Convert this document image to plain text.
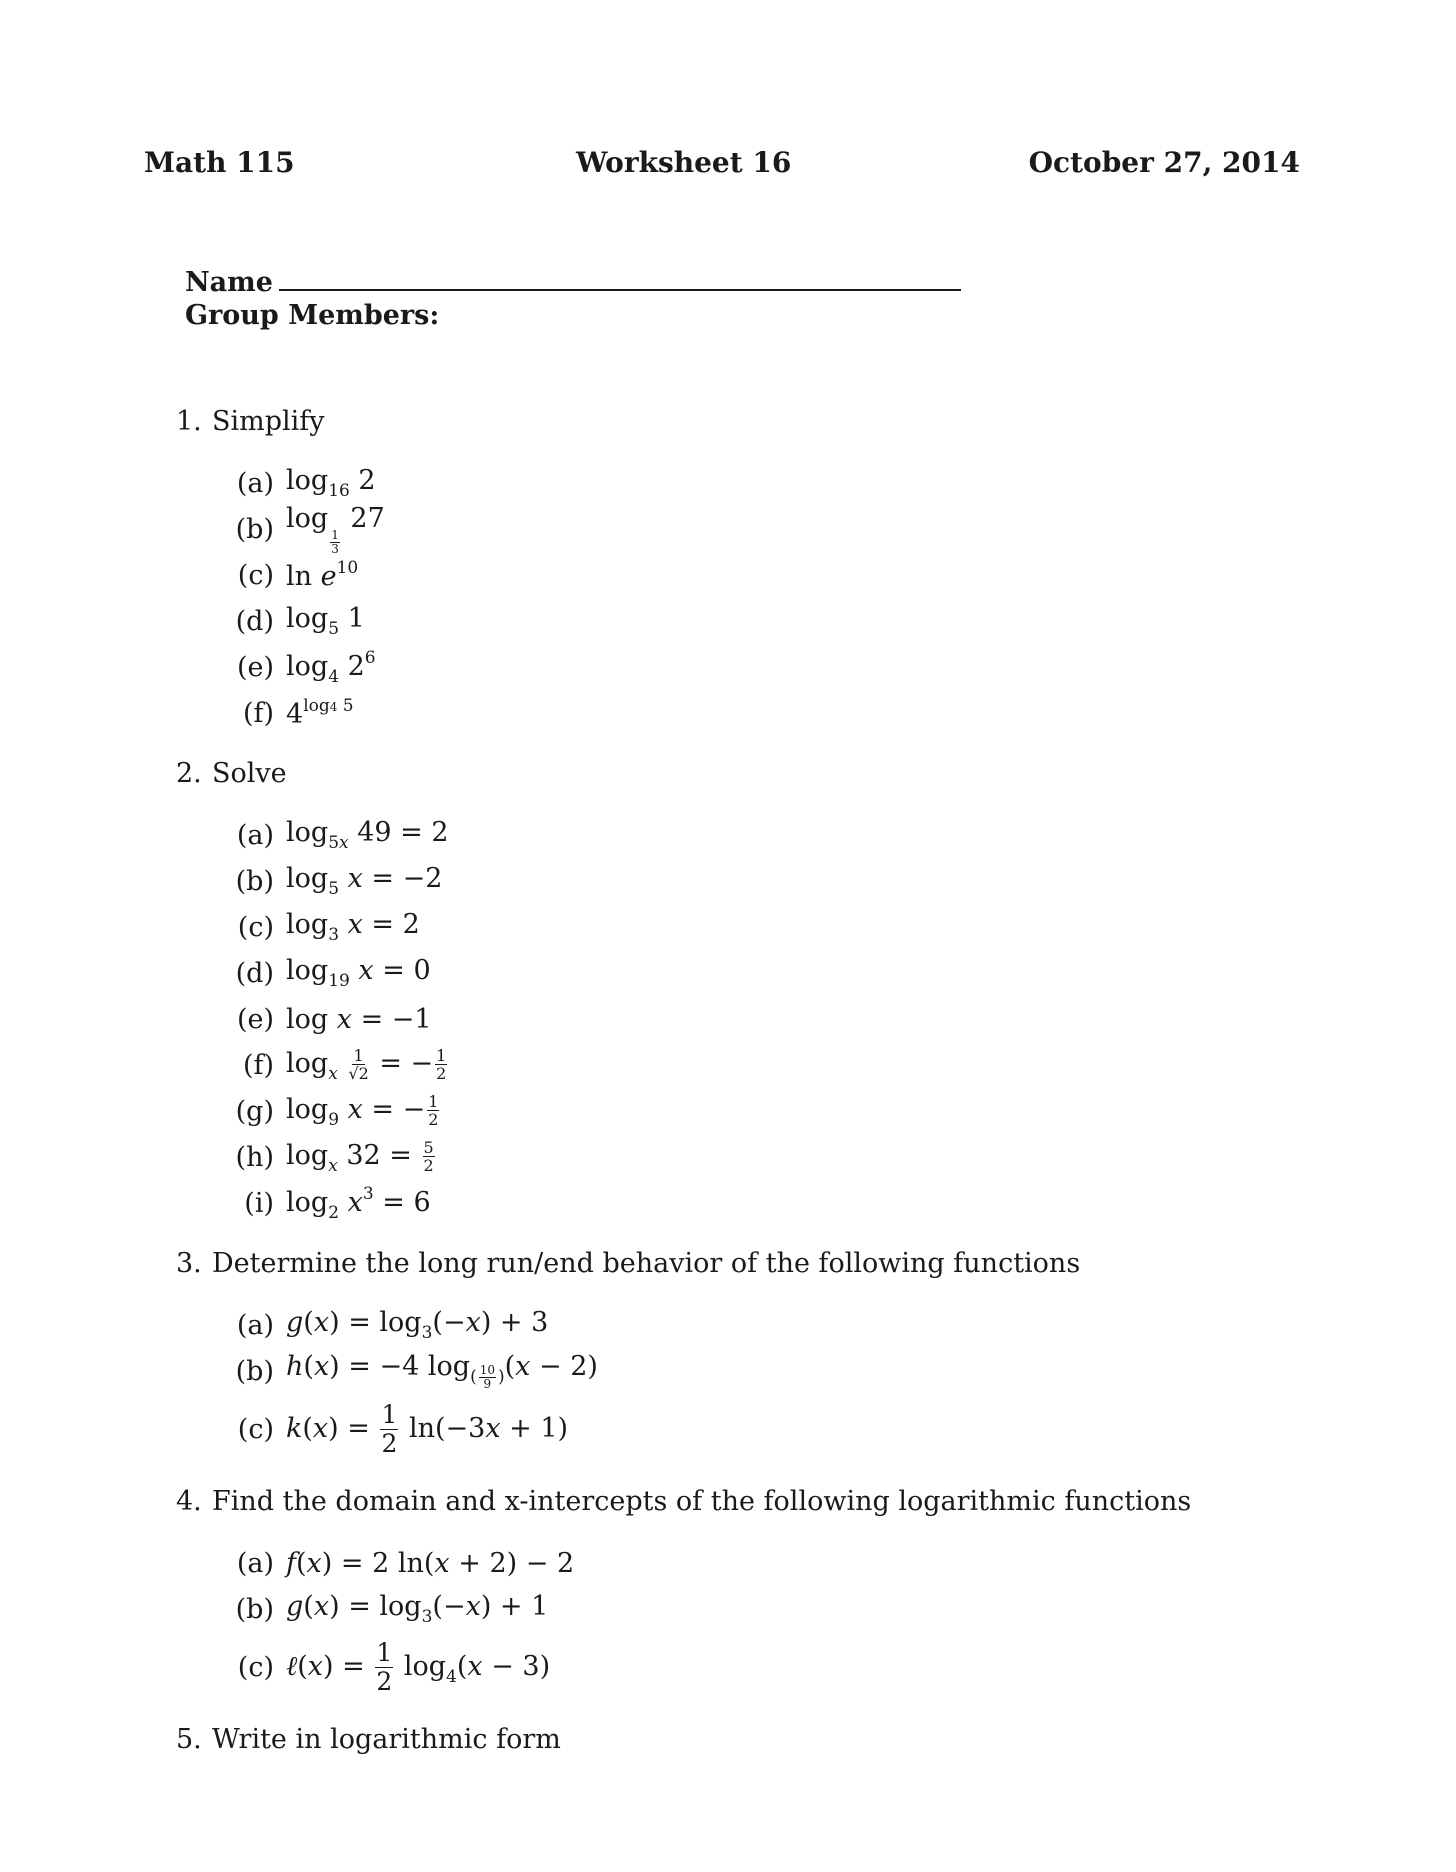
Math 115	Worksheet 16	October 27, 2014
Name
Group Members:
1. Simplify
(a) $\log_{16} 2$
(b) log
$\frac{1}{3}$
27
(c) $\ln e^{10}$
(d) $\log_5 1$
(e) $\log_4 2^6$
(f) $4^{log4 5}$
2. Solve
(a) $\log_{5x} 49 = 2$
(b) $\log_5 x = -2$
(c) $\log_3 x = 2$
(d) $\log_{19} x = 0$
(e) log x = −1
(f) $\log_x \frac{1}{√2}$ = − $\frac{1}{2}$
(g) $\log_9 x$ = − $\frac{1}{2}$
(h) $\log_x 32 = \frac{5}{2}$
(i) $\log_2 x^3 = 6$
3. Determine the long run/end behavior of the following functions
(a) $g(x) = \log_3(-x) + 3$
(b) h(x) = −4 $\log_{( \frac{10}{9} )}(x - 2)$
(c) $k(x) = \frac{1}{2} \ln(-3x + 1)$
4. Find the domain and x-intercepts of the following logarithmic functions
(a) f(x) = 2 ln(x + 2) − 2
(b) $g(x) = \log_3(-x) + 1$
(c) ℓ(x) = $\frac{1}{2} \log_4(x - 3)$
5. Write in logarithmic form
